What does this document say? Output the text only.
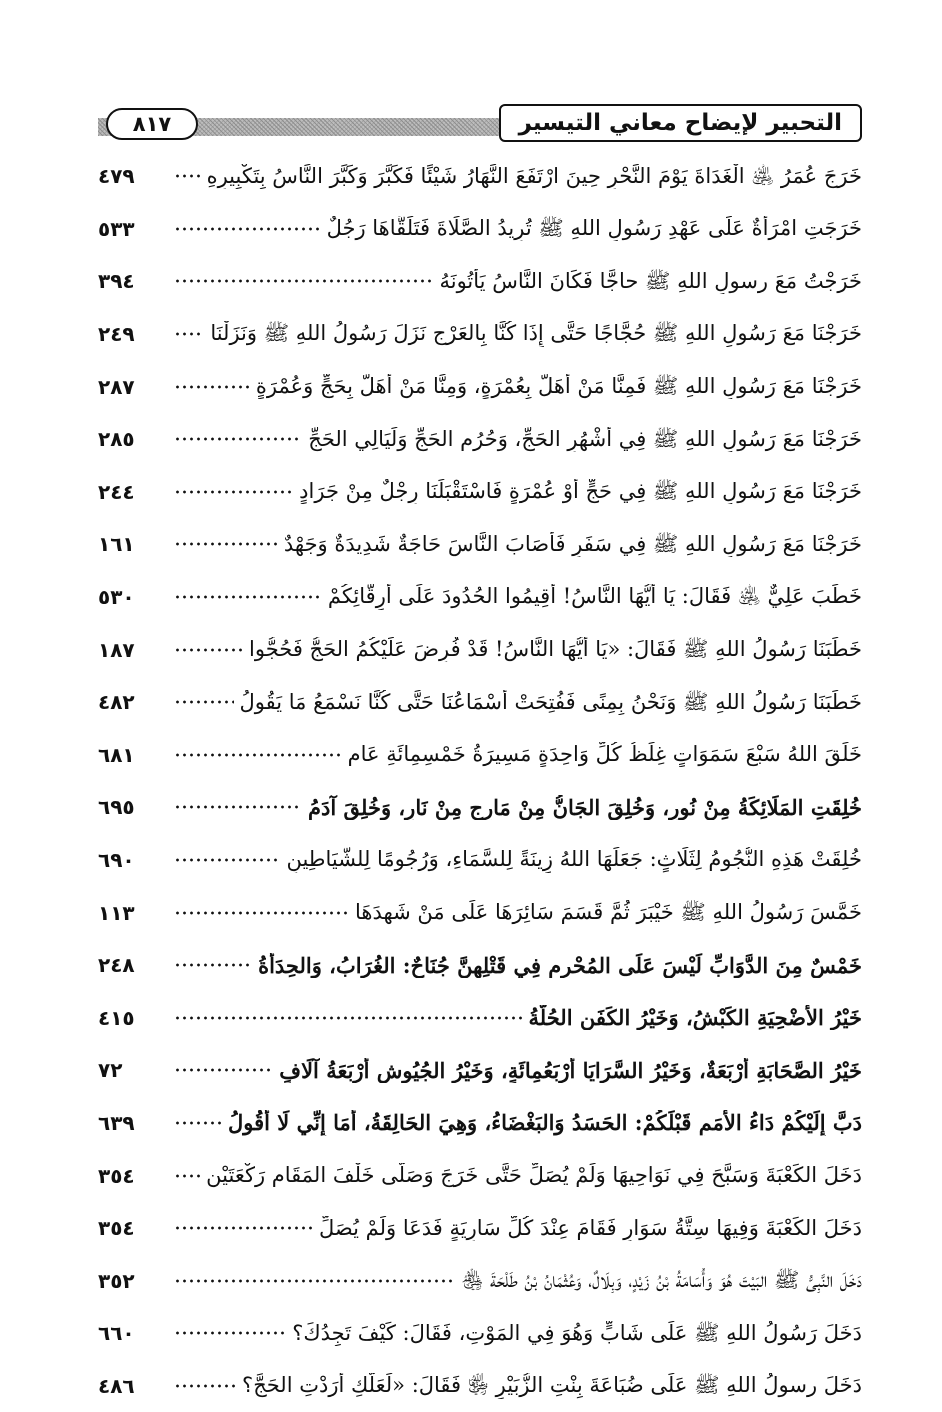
٨١٧	التحبير لإيضاح معاني التيسير
خَرَجَ عُمَرُ ﵁ الْغَدَاةَ يَوْمَ النَّحْرِ حِينَ ارْتَفَعَ النَّهَارُ شَيْئًا فَكَبَّرَ وَكَبَّرَ النَّاسُ بِتَكْبِيرِهِ
٤٧٩
خَرَجَتِ امْرَأَةٌ عَلَى عَهْدِ رَسُولِ اللهِ ﷺ تُرِيدُ الصَّلَاةَ فَتَلَقَّاهَا رَجُلٌ
٥٣٣
خَرَجْتُ مَعَ رسولِ اللهِ ﷺ حاجًّا فَكَانَ النَّاسُ يَأْتُونَهُ
٣٩٤
خَرَجْنَا مَعَ رَسُولِ اللهِ ﷺ حُجَّاجًا حَتَّى إِذَا كُنَّا بِالعَرْجِ نَزَلَ رَسُولُ اللهِ ﷺ وَنَزَلْنَا
٢٤٩
خَرَجْنَا مَعَ رَسُولِ اللهِ ﷺ فَمِنَّا مَنْ أَهَلَّ بِعُمْرَةٍ، وَمِنَّا مَنْ أَهَلَّ بِحَجٍّ وَعُمْرَةٍ
٢٨٧
خَرَجْنَا مَعَ رَسُولِ اللهِ ﷺ فِي أَشْهُرِ الحَجِّ، وَحُرُمِ الحَجِّ وَلَيَالِي الحَجِّ
٢٨٥
خَرَجْنَا مَعَ رَسُولِ اللهِ ﷺ فِي حَجٍّ أَوْ عُمْرَةٍ فَاسْتَقْبَلَنَا رِجْلٌ مِنْ جَرَادٍ
٢٤٤
خَرَجْنَا مَعَ رَسُولِ اللهِ ﷺ فِي سَفَرٍ فَأَصَابَ النَّاسَ حَاجَةٌ شَدِيدَةٌ وَجَهْدٌ
١٦١
خَطَبَ عَلِيٌّ ﵁ فَقَالَ: يَا أَيُّهَا النَّاسُ! أَقِيمُوا الحُدُودَ عَلَى أَرِقَّائِكُمْ
٥٣٠
خَطَبَنَا رَسُولُ اللهِ ﷺ فَقَالَ: «يَا أَيُّهَا النَّاسُ! قَدْ فُرِضَ عَلَيْكُمُ الحَجُّ فَحُجُّوا
١٨٧
خَطَبَنَا رَسُولُ اللهِ ﷺ وَنَحْنُ بِمِنًى فَفُتِحَتْ أَسْمَاعُنَا حَتَّى كُنَّا نَسْمَعُ مَا يَقُولُ
٤٨٢
خَلَقَ اللهُ سَبْعَ سَمَوَاتٍ غِلَظُ كُلِّ وَاحِدَةٍ مَسِيرَةُ خَمْسِمِائَةِ عَامٍ
٦٨١
خُلِقَتِ المَلَائِكَةُ مِنْ نُورٍ، وَخُلِقَ الجَانُّ مِنْ مَارِجٍ مِنْ نَارٍ، وَخُلِقَ آدَمُ
٦٩٥
خُلِقَتْ هَذِهِ النُّجُومُ لِثَلَاثٍ: جَعَلَهَا اللهُ زِينَةً لِلسَّمَاءِ، وَرُجُومًا لِلشَّيَاطِينِ
٦٩٠
خَمَّسَ رَسُولُ اللهِ ﷺ خَيْبَرَ ثُمَّ قَسَمَ سَائِرَهَا عَلَى مَنْ شَهِدَهَا
١١٣
خَمْسٌ مِنَ الدَّوَابِّ لَيْسَ عَلَى المُحْرِمِ فِي قَتْلِهِنَّ جُنَاحٌ: الغُرَابُ، وَالحِدَأَةُ
٢٤٨
خَيْرُ الأُضْحِيَةِ الكَبْشُ، وَخَيْرُ الكَفَنِ الحُلَّةُ
٤١٥
خَيْرُ الصَّحَابَةِ أَرْبَعَةٌ، وَخَيْرُ السَّرَايَا أَرْبَعُمِائَةٍ، وَخَيْرُ الجُيُوشِ أَرْبَعَةُ آلَافٍ
٧٢
دَبَّ إِلَيْكُمْ دَاءُ الأُمَمِ قَبْلَكُمْ: الحَسَدُ وَالبَغْضَاءُ، وَهِيَ الحَالِقَةُ، أَمَا إِنِّي لَا أَقُولُ
٦٣٩
دَخَلَ الكَعْبَةَ وَسَبَّحَ فِي نَوَاحِيهَا وَلَمْ يُصَلِّ حَتَّى خَرَجَ وَصَلَّى خَلْفَ المَقَامِ رَكْعَتَيْنِ
٣٥٤
دَخَلَ الكَعْبَةَ وَفِيهَا سِتَّةُ سَوَارٍ فَقَامَ عِنْدَ كُلِّ سَارِيَةٍ فَدَعَا وَلَمْ يُصَلِّ
٣٥٤
دَخَلَ النَّبِيُّ ﷺ البَيْتَ هُوَ وَأُسَامَةُ بْنُ زَيْدٍ، وَبِلَالٌ، وَعُثْمَانُ بْنُ طَلْحَةَ ﵃
٣٥٢
دَخَلَ رَسُولُ اللهِ ﷺ عَلَى شَابٍّ وَهُوَ فِي المَوْتِ، فَقَالَ: كَيْفَ تَجِدُكَ؟
٦٦٠
دَخَلَ رسولُ اللهِ ﷺ عَلَى ضُبَاعَةَ بِنْتِ الزُّبَيْرِ ﵂ فَقَالَ: «لَعَلَّكِ أَرَدْتِ الحَجَّ؟
٤٨٦
